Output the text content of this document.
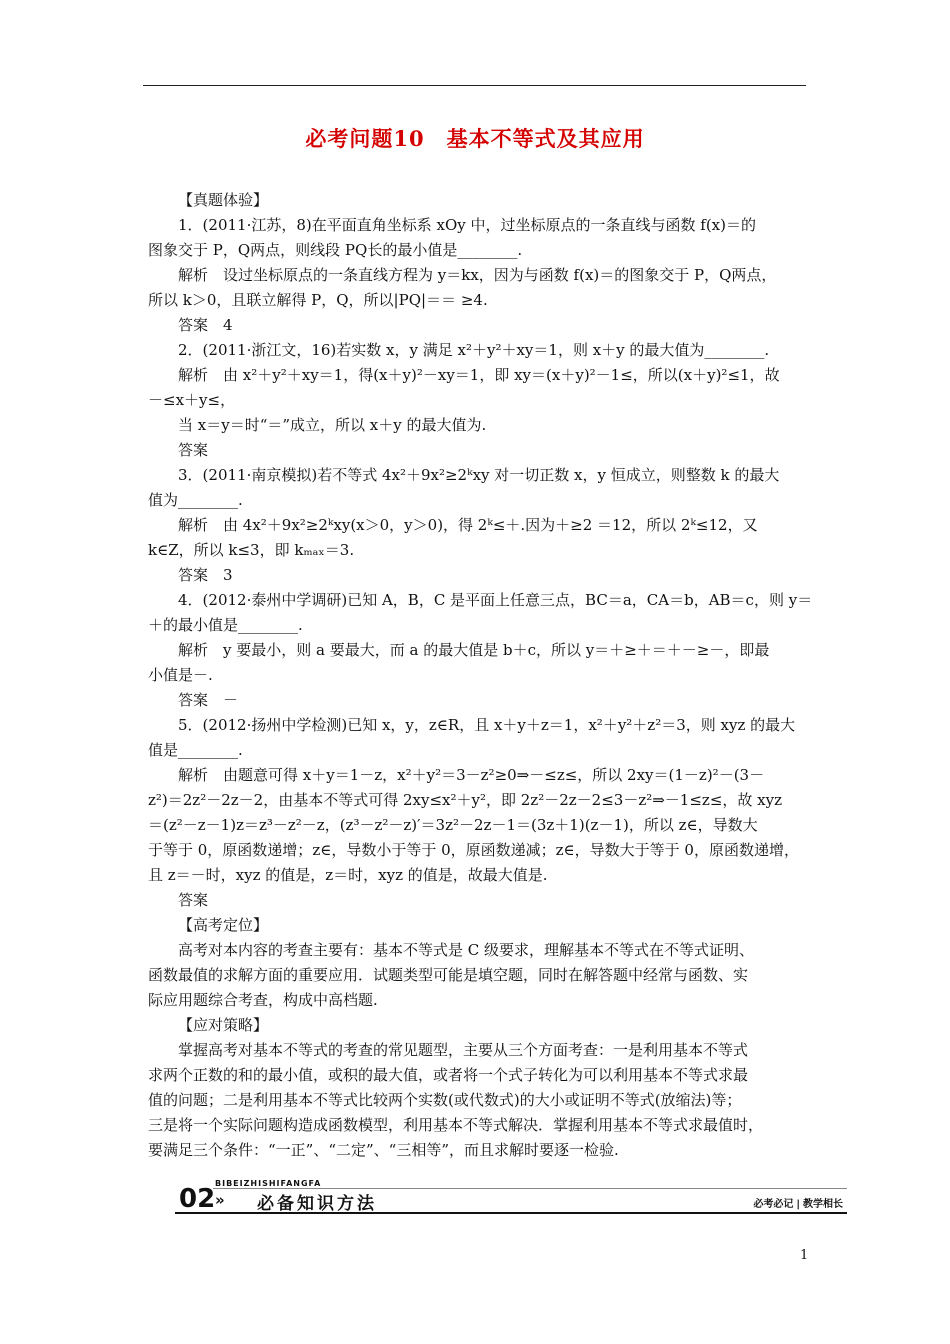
必考问题10　基本不等式及其应用

【真题体验】

1．(2011·江苏，8)在平面直角坐标系 xOy 中，过坐标原点的一条直线与函数 f(x)＝的

图象交于 P，Q两点，则线段 PQ长的最小值是________.

解析　设过坐标原点的一条直线方程为 y＝kx，因为与函数 f(x)＝的图象交于 P，Q两点，

所以 k＞0，且联立解得 P，Q，所以|PQ|＝＝ ≥4.

答案　4

2．(2011·浙江文，16)若实数 x，y 满足 x²＋y²＋xy＝1，则 x＋y 的最大值为________.

解析　由 x²＋y²＋xy＝1，得(x＋y)²－xy＝1，即 xy＝(x＋y)²－1≤，所以(x＋y)²≤1，故

－≤x＋y≤，

当 x＝y＝时“＝”成立，所以 x＋y 的最大值为.

答案

3．(2011·南京模拟)若不等式 4x²＋9x²≥2ᵏxy 对一切正数 x，y 恒成立，则整数 k 的最大

值为________.

解析　由 4x²＋9x²≥2ᵏxy(x＞0，y＞0)，得 2ᵏ≤＋.因为＋≥2 ＝12，所以 2ᵏ≤12，又

k∈Z，所以 k≤3，即 kₘₐₓ＝3.

答案　3

4．(2012·泰州中学调研)已知 A，B，C 是平面上任意三点，BC＝a，CA＝b，AB＝c，则 y＝

＋的最小值是________.

解析　y 要最小，则 a 要最大，而 a 的最大值是 b＋c，所以 y＝＋≥＋＝＋－≥－，即最

小值是－.

答案　－

5．(2012·扬州中学检测)已知 x，y，z∈R，且 x＋y＋z＝1，x²＋y²＋z²＝3，则 xyz 的最大

值是________.

解析　由题意可得 x＋y＝1－z，x²＋y²＝3－z²≥0⇒－≤z≤，所以 2xy＝(1－z)²－(3－

z²)＝2z²－2z－2，由基本不等式可得 2xy≤x²＋y²，即 2z²－2z－2≤3－z²⇒－1≤z≤，故 xyz

＝(z²－z－1)z＝z³－z²－z，(z³－z²－z)′＝3z²－2z－1＝(3z＋1)(z－1)，所以 z∈，导数大

于等于 0，原函数递增；z∈，导数小于等于 0，原函数递减；z∈，导数大于等于 0，原函数递增，

且 z＝－时，xyz 的值是，z＝时，xyz 的值是，故最大值是.

答案

【高考定位】

高考对本内容的考查主要有：基本不等式是 C 级要求，理解基本不等式在不等式证明、

函数最值的求解方面的重要应用．试题类型可能是填空题，同时在解答题中经常与函数、实

际应用题综合考查，构成中高档题.

【应对策略】

掌握高考对基本不等式的考查的常见题型，主要从三个方面考查：一是利用基本不等式

求两个正数的和的最小值，或积的最大值，或者将一个式子转化为可以利用基本不等式求最

值的问题；二是利用基本不等式比较两个实数(或代数式)的大小或证明不等式(放缩法)等；

三是将一个实际问题构造成函数模型，利用基本不等式解决．掌握利用基本不等式求最值时，

要满足三个条件：“一正”、“二定”、“三相等”，而且求解时要逐一检验.

02
BIBEIZHISHIFANGFA
» 必备知识方法	必考必记 | 教学相长
1
